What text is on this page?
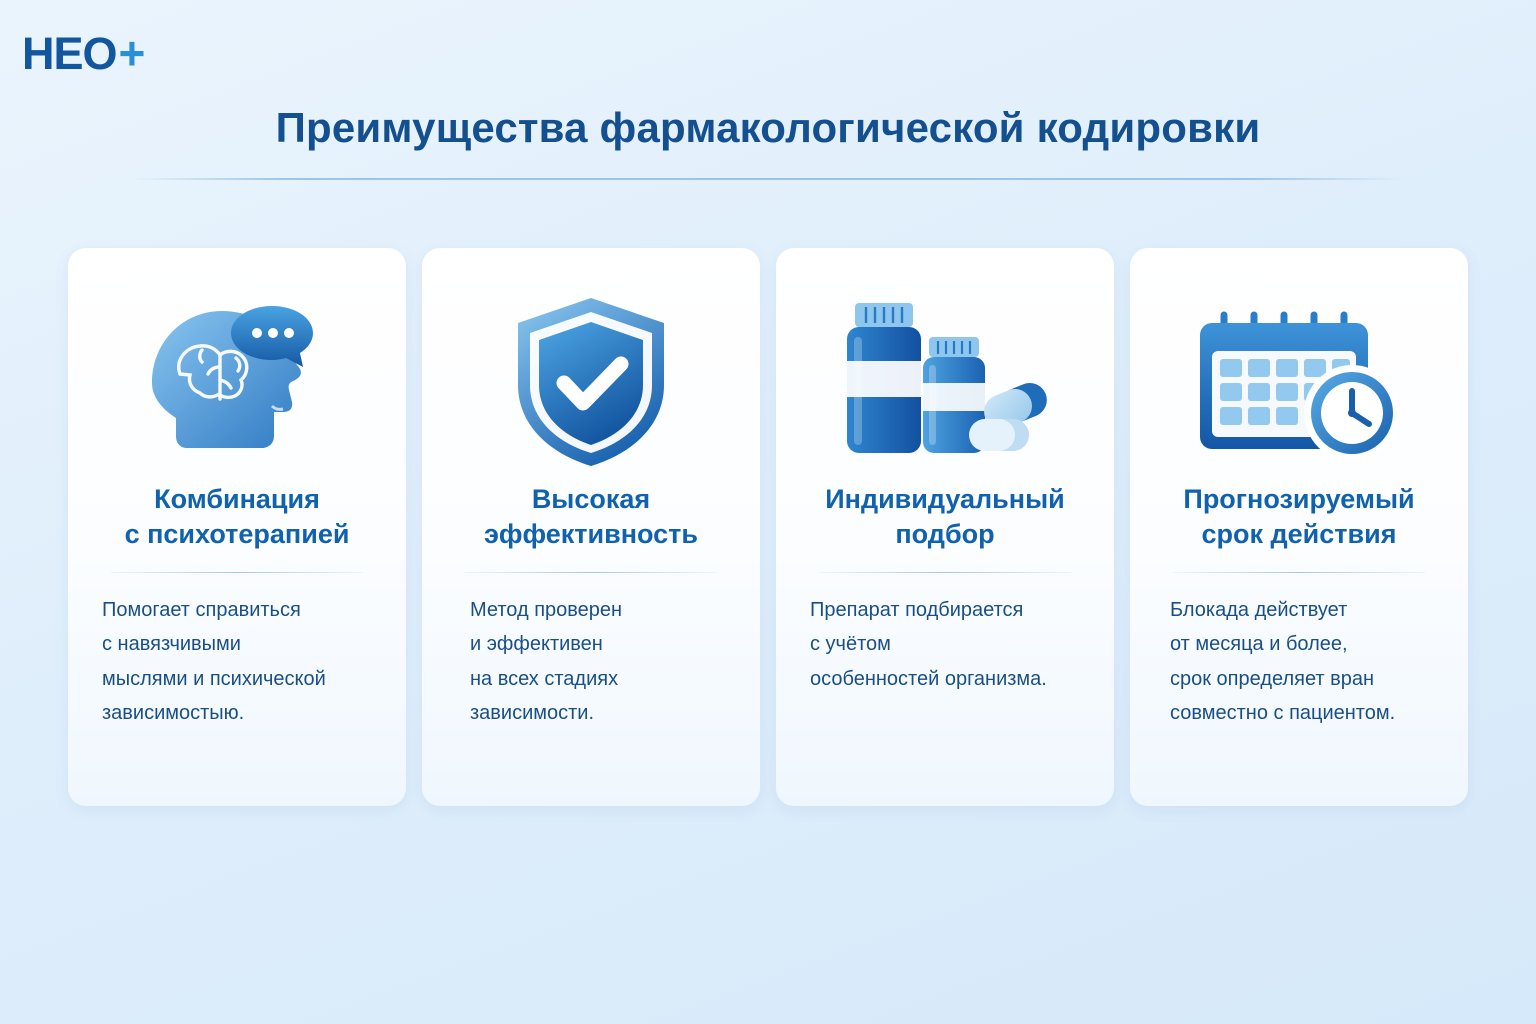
HEO +
Преимущества фармакологической кодировки
Комбинация
с психотерапией
Помогает справиться
с навязчивыми
мыслями и психической
зависимостыю.
Высокая
эффективность
Метод проверен
и эффективен
на всех стадиях
зависимости.
Индивидуальный
подбор
Препарат подбирается
с учётом
особенностей организма.
Прогнозируемый
срок действия
Блокада действует
от месяца и более,
срок определяет вран
совместно с пациентом.
